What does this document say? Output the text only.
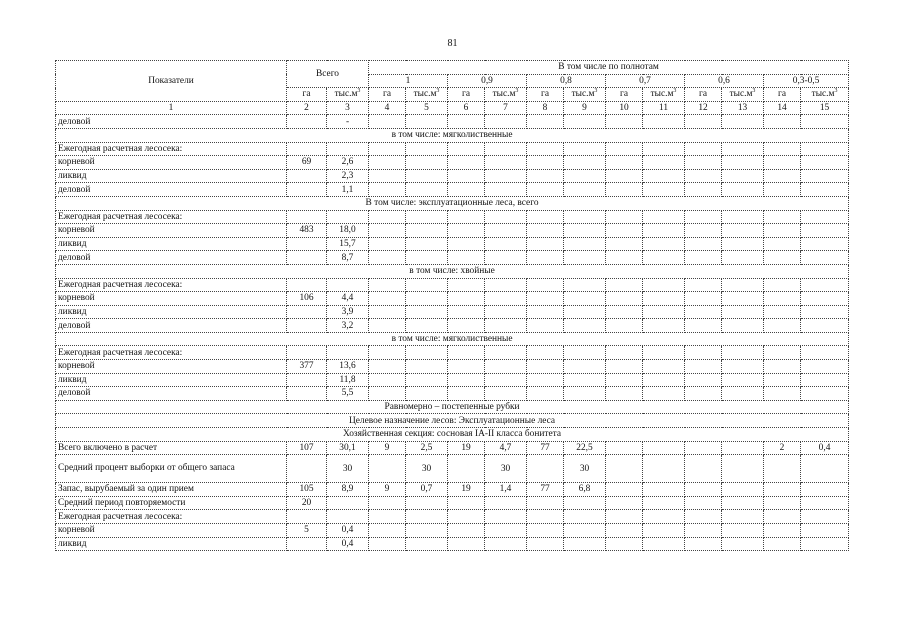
81
Показатели	Всего		В том числе по полнотам											
			1		0,9		0,8		0,7		0,6		0,3-0,5	
	га	$тыс.м^3$	га	$тыс.м^3$	га	$тыс.м^3$	га	$тыс.м^3$	га	$тыс.м^3$	га	$тыс.м^3$	га	$тыс.м^3$
1	2	3	4	5	6	7	8	9	10	11	12	13	14	15
деловой		-												
в том числе: мягколиственные														
Ежегодная расчетная лесосека:														
корневой	69	2,6												
ликвид		2,3												
деловой		1,1												
В том числе: эксплуатационные леса, всего														
Ежегодная расчетная лесосека:														
корневой	483	18,0												
ликвид		15,7												
деловой		8,7												
в том числе: хвойные														
Ежегодная расчетная лесосека:														
корневой	106	4,4												
ликвид		3,9												
деловой		3,2												
в том числе: мягколиственные														
Ежегодная расчетная лесосека:														
корневой	377	13,6												
ликвид		11,8												
деловой		5,5												
Равномерно – постепенные рубки														
Целевое назначение лесов: Эксплуатационные леса														
Хозяйственная секция: сосновая IA-II класса бонитета														
Всего включено в расчет	107	30,1	9	2,5	19	4,7	77	22,5					2	0,4
Средний процент выборки от общего запаса		30		30		30		30						
Запас, вырубаемый за один прием	105	8,9	9	0,7	19	1,4	77	6,8						
Средний период повторяемости	20													
Ежегодная расчетная лесосека:														
корневой	5	0,4												
ликвид		0,4												
